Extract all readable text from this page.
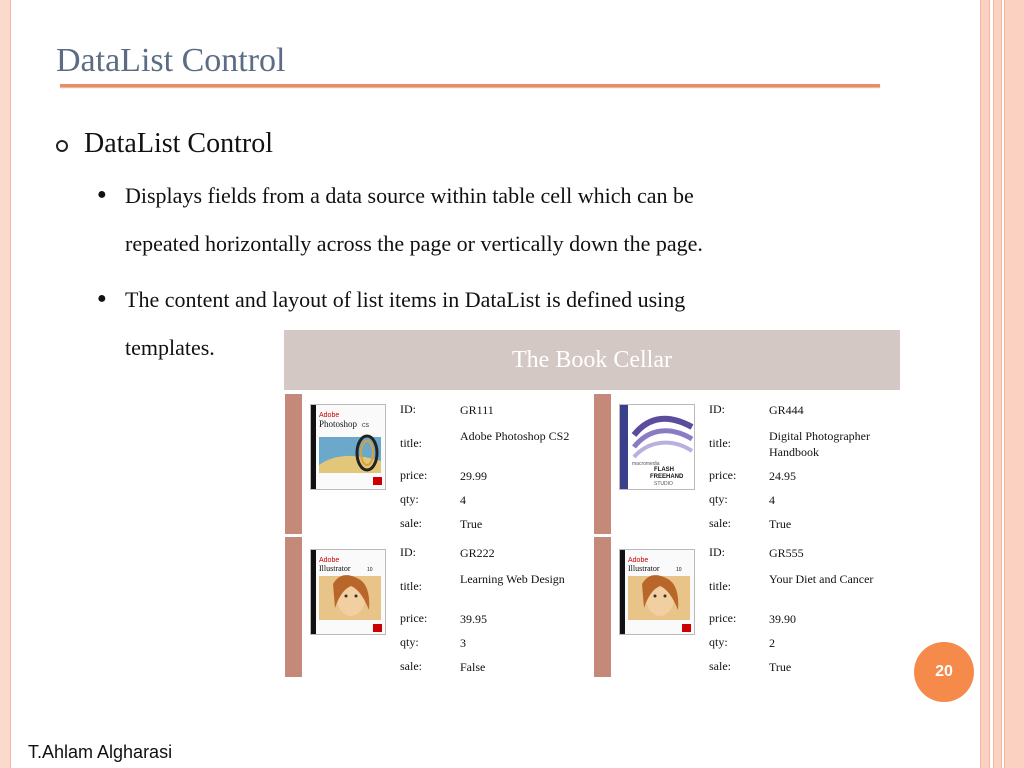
DataList Control
DataList Control
● Displays fields from a data source within table cell which can be
repeated horizontally across the page or vertically down the page.
● The content and layout of list items in DataList is defined using
templates.	The Book Cellar
Adobe
Photoshop CS
ID:	GR111
title:	Adobe Photoshop CS2
price:	29.99
qty:	4
sale:	True
macromedia
FLASH
FREEHAND
STUDIO
ID:	GR444
title:	Digital Photographer Handbook
price:	24.95
qty:	4
sale:	True
Adobe
Illustrator	10
ID:	GR222
title:	Learning Web Design
price:	39.95
qty:	3
sale:	False
Adobe
Illustrator	10
ID:	GR555
title:	Your Diet and Cancer
price:	39.90
qty:	2
sale:	True	20
T.Ahlam Algharasi
